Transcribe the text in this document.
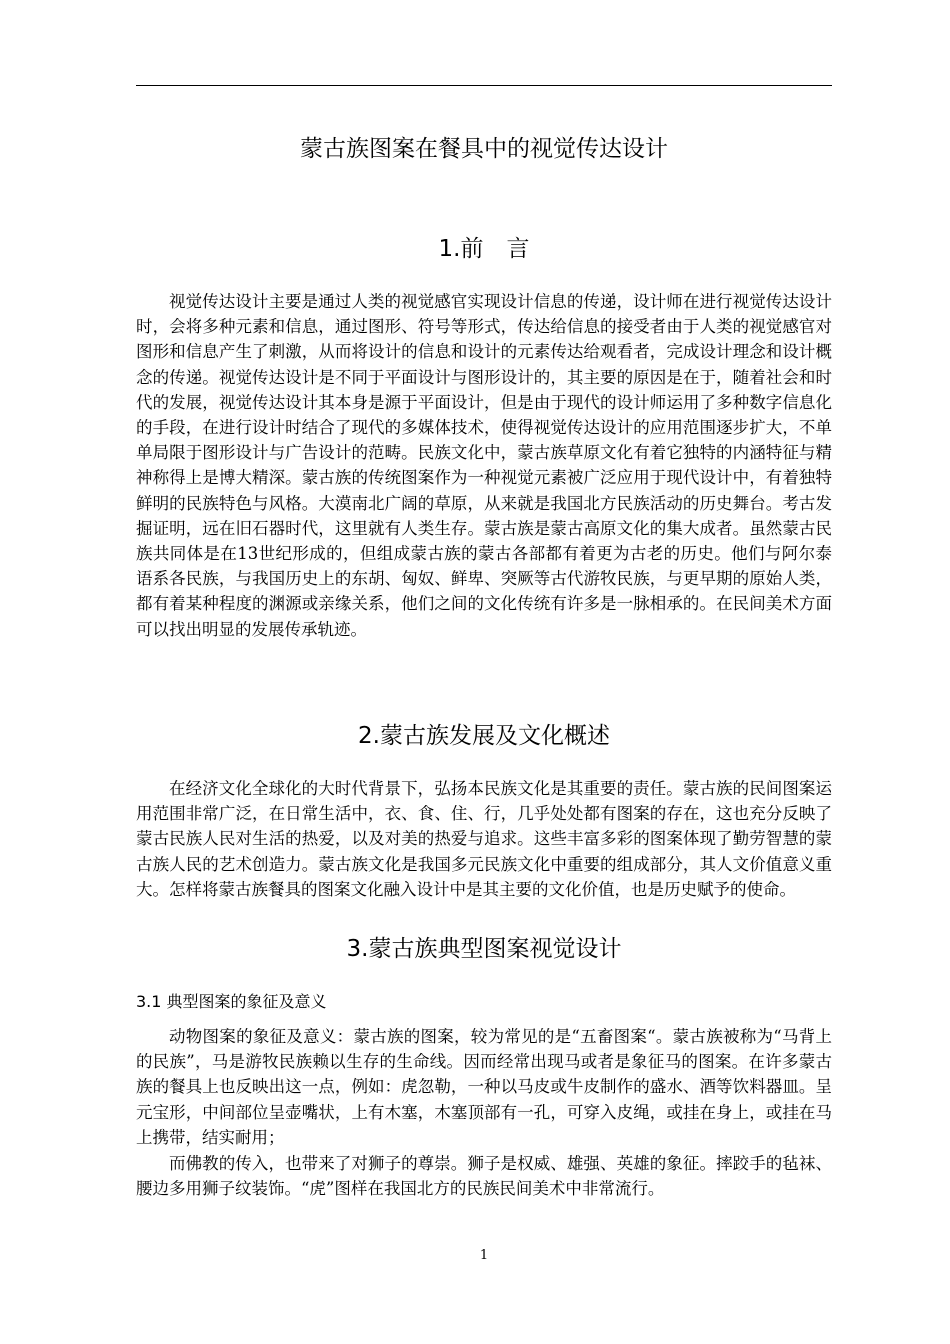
蒙古族图案在餐具中的视觉传达设计
1.前　言

视觉传达设计主要是通过人类的视觉感官实现设计信息的传递，设计师在进行视觉传达设计时，会将多种元素和信息，通过图形、符号等形式，传达给信息的接受者由于人类的视觉感官对图形和信息产生了刺激，从而将设计的信息和设计的元素传达给观看者，完成设计理念和设计概念的传递。视觉传达设计是不同于平面设计与图形设计的，其主要的原因是在于，随着社会和时代的发展，视觉传达设计其本身是源于平面设计，但是由于现代的设计师运用了多种数字信息化的手段，在进行设计时结合了现代的多媒体技术，使得视觉传达设计的应用范围逐步扩大，不单单局限于图形设计与广告设计的范畴。民族文化中，蒙古族草原文化有着它独特的内涵特征与精神称得上是博大精深。蒙古族的传统图案作为一种视觉元素被广泛应用于现代设计中，有着独特鲜明的民族特色与风格。大漠南北广阔的草原，从来就是我国北方民族活动的历史舞台。考古发掘证明，远在旧石器时代，这里就有人类生存。蒙古族是蒙古高原文化的集大成者。虽然蒙古民族共同体是在13世纪形成的，但组成蒙古族的蒙古各部都有着更为古老的历史。他们与阿尔泰语系各民族，与我国历史上的东胡、匈奴、鲜卑、突厥等古代游牧民族，与更早期的原始人类，都有着某种程度的渊源或亲缘关系，他们之间的文化传统有许多是一脉相承的。在民间美术方面可以找出明显的发展传承轨迹。

2.蒙古族发展及文化概述

在经济文化全球化的大时代背景下，弘扬本民族文化是其重要的责任。蒙古族的民间图案运用范围非常广泛，在日常生活中，衣、食、住、行，几乎处处都有图案的存在，这也充分反映了蒙古民族人民对生活的热爱，以及对美的热爱与追求。这些丰富多彩的图案体现了勤劳智慧的蒙古族人民的艺术创造力。蒙古族文化是我国多元民族文化中重要的组成部分，其人文价值意义重大。怎样将蒙古族餐具的图案文化融入设计中是其主要的文化价值，也是历史赋予的使命。

3.蒙古族典型图案视觉设计
3.1 典型图案的象征及意义

动物图案的象征及意义：蒙古族的图案，较为常见的是“五畜图案“。蒙古族被称为“马背上的民族”，马是游牧民族赖以生存的生命线。因而经常出现马或者是象征马的图案。在许多蒙古族的餐具上也反映出这一点，例如：虎忽勒，一种以马皮或牛皮制作的盛水、酒等饮料器皿。呈元宝形，中间部位呈壶嘴状，上有木塞，木塞顶部有一孔，可穿入皮绳，或挂在身上，或挂在马上携带，结实耐用；

而佛教的传入，也带来了对狮子的尊崇。狮子是权威、雄强、英雄的象征。摔跤手的毡袜、腰边多用狮子纹装饰。“虎”图样在我国北方的民族民间美术中非常流行。

1
